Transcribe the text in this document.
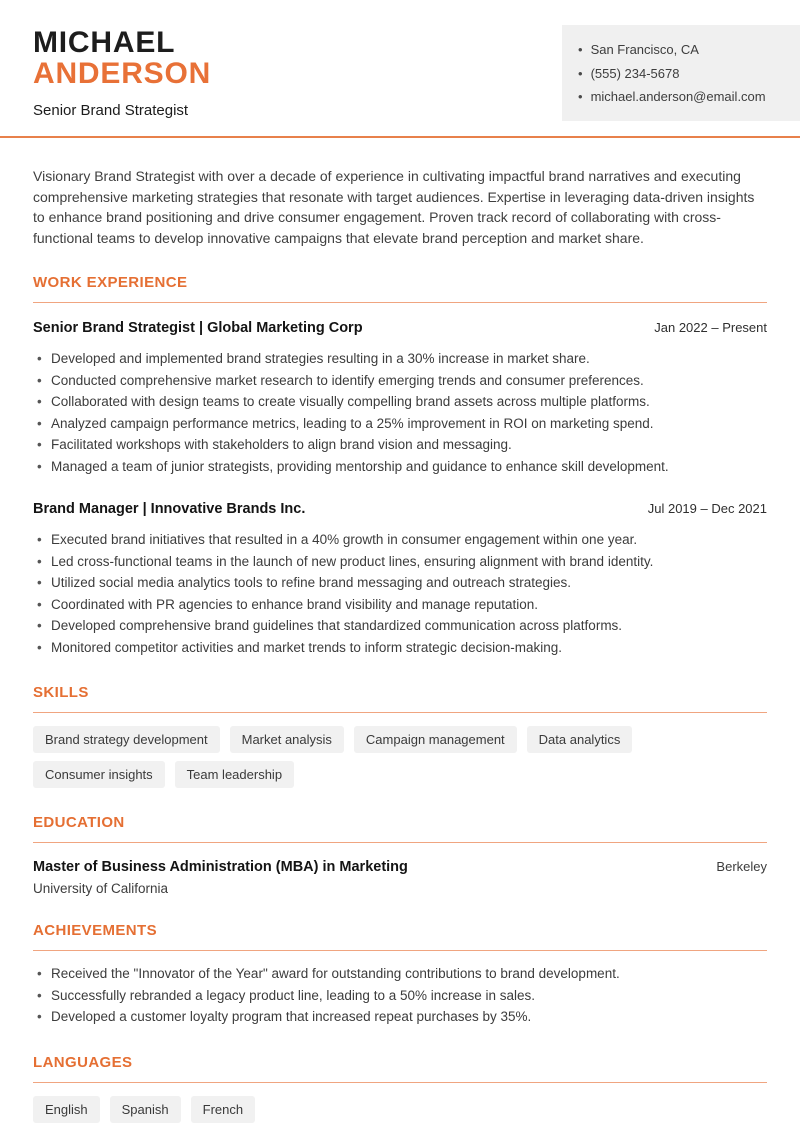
MICHAEL
ANDERSON
Senior Brand Strategist
• San Francisco, CA
• (555) 234-5678
• michael.anderson@email.com

Visionary Brand Strategist with over a decade of experience in cultivating impactful brand narratives and executing comprehensive marketing strategies that resonate with target audiences. Expertise in leveraging data-driven insights to enhance brand positioning and drive consumer engagement. Proven track record of collaborating with cross-functional teams to develop innovative campaigns that elevate brand perception and market share.

WORK EXPERIENCE
Senior Brand Strategist | Global Marketing Corp	Jan 2022 – Present
• Developed and implemented brand strategies resulting in a 30% increase in market share.
• Conducted comprehensive market research to identify emerging trends and consumer preferences.
• Collaborated with design teams to create visually compelling brand assets across multiple platforms.
• Analyzed campaign performance metrics, leading to a 25% improvement in ROI on marketing spend.
• Facilitated workshops with stakeholders to align brand vision and messaging.
• Managed a team of junior strategists, providing mentorship and guidance to enhance skill development.
Brand Manager | Innovative Brands Inc.	Jul 2019 – Dec 2021
• Executed brand initiatives that resulted in a 40% growth in consumer engagement within one year.
• Led cross-functional teams in the launch of new product lines, ensuring alignment with brand identity.
• Utilized social media analytics tools to refine brand messaging and outreach strategies.
• Coordinated with PR agencies to enhance brand visibility and manage reputation.
• Developed comprehensive brand guidelines that standardized communication across platforms.
• Monitored competitor activities and market trends to inform strategic decision-making.
SKILLS
Brand strategy development	Market analysis	Campaign management	Data analytics
Consumer insights	Team leadership
EDUCATION
Master of Business Administration (MBA) in Marketing	Berkeley
University of California
ACHIEVEMENTS
• Received the "Innovator of the Year" award for outstanding contributions to brand development.
• Successfully rebranded a legacy product line, leading to a 50% increase in sales.
• Developed a customer loyalty program that increased repeat purchases by 35%.
LANGUAGES
English	Spanish	French
